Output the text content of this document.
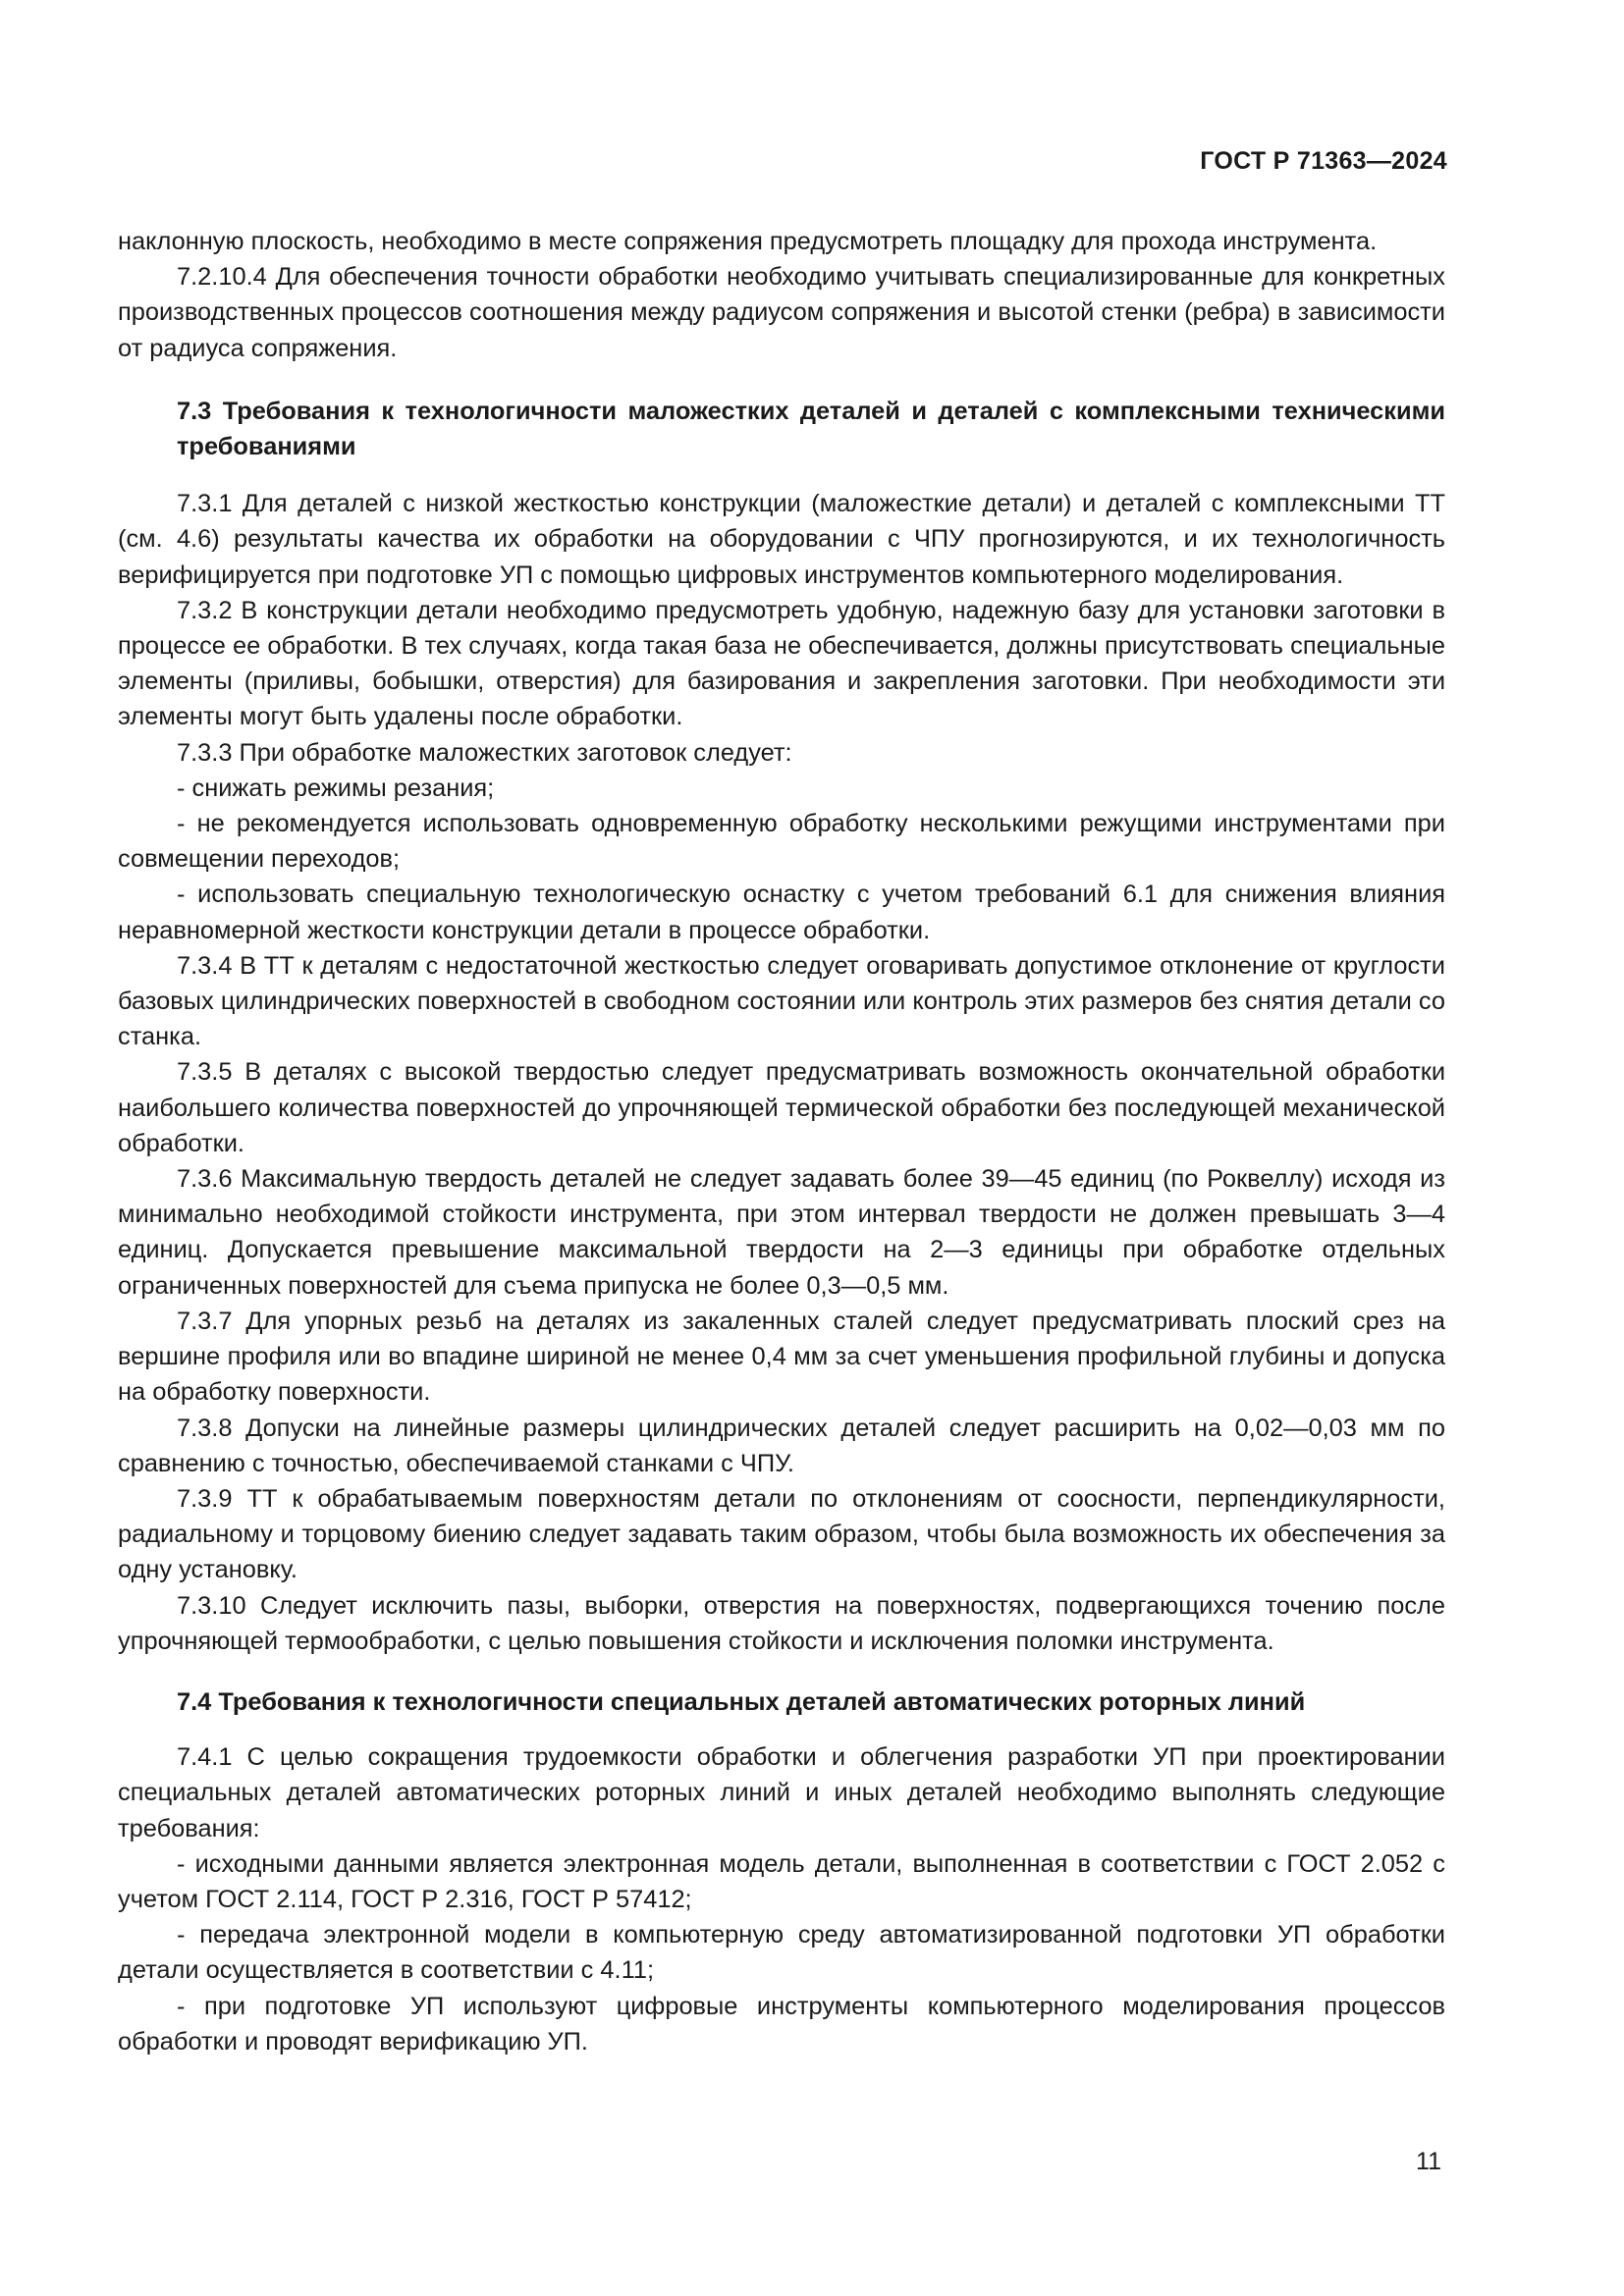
ГОСТ Р 71363—2024

наклонную плоскость, необходимо в месте сопряжения предусмотреть площадку для прохода инструмента.

7.2.10.4 Для обеспечения точности обработки необходимо учитывать специализированные для конкретных производственных процессов соотношения между радиусом сопряжения и высотой стенки (ребра) в зависимости от радиуса сопряжения.

7.3 Требования к технологичности маложестких деталей и деталей с комплексными техническими требованиями

7.3.1 Для деталей с низкой жесткостью конструкции (маложесткие детали) и деталей с комплексными ТТ (см. 4.6) результаты качества их обработки на оборудовании с ЧПУ прогнозируются, и их технологичность верифицируется при подготовке УП с помощью цифровых инструментов компьютерного моделирования.

7.3.2 В конструкции детали необходимо предусмотреть удобную, надежную базу для установки заготовки в процессе ее обработки. В тех случаях, когда такая база не обеспечивается, должны присутствовать специальные элементы (приливы, бобышки, отверстия) для базирования и закрепления заготовки. При необходимости эти элементы могут быть удалены после обработки.

7.3.3 При обработке маложестких заготовок следует:

- снижать режимы резания;

- не рекомендуется использовать одновременную обработку несколькими режущими инструментами при совмещении переходов;

- использовать специальную технологическую оснастку с учетом требований 6.1 для снижения влияния неравномерной жесткости конструкции детали в процессе обработки.

7.3.4 В ТТ к деталям с недостаточной жесткостью следует оговаривать допустимое отклонение от круглости базовых цилиндрических поверхностей в свободном состоянии или контроль этих размеров без снятия детали со станка.

7.3.5 В деталях с высокой твердостью следует предусматривать возможность окончательной обработки наибольшего количества поверхностей до упрочняющей термической обработки без последующей механической обработки.

7.3.6 Максимальную твердость деталей не следует задавать более 39—45 единиц (по Роквеллу) исходя из минимально необходимой стойкости инструмента, при этом интервал твердости не должен превышать 3—4 единиц. Допускается превышение максимальной твердости на 2—3 единицы при обработке отдельных ограниченных поверхностей для съема припуска не более 0,3—0,5 мм.

7.3.7 Для упорных резьб на деталях из закаленных сталей следует предусматривать плоский срез на вершине профиля или во впадине шириной не менее 0,4 мм за счет уменьшения профильной глубины и допуска на обработку поверхности.

7.3.8 Допуски на линейные размеры цилиндрических деталей следует расширить на 0,02—0,03 мм по сравнению с точностью, обеспечиваемой станками с ЧПУ.

7.3.9 ТТ к обрабатываемым поверхностям детали по отклонениям от соосности, перпендикулярности, радиальному и торцовому биению следует задавать таким образом, чтобы была возможность их обеспечения за одну установку.

7.3.10 Следует исключить пазы, выборки, отверстия на поверхностях, подвергающихся точению после упрочняющей термообработки, с целью повышения стойкости и исключения поломки инструмента.

7.4 Требования к технологичности специальных деталей автоматических роторных линий

7.4.1 С целью сокращения трудоемкости обработки и облегчения разработки УП при проектировании специальных деталей автоматических роторных линий и иных деталей необходимо выполнять следующие требования:

- исходными данными является электронная модель детали, выполненная в соответствии с ГОСТ 2.052 с учетом ГОСТ 2.114, ГОСТ Р 2.316, ГОСТ Р 57412;

- передача электронной модели в компьютерную среду автоматизированной подготовки УП обработки детали осуществляется в соответствии с 4.11;

- при подготовке УП используют цифровые инструменты компьютерного моделирования процессов обработки и проводят верификацию УП.

11
